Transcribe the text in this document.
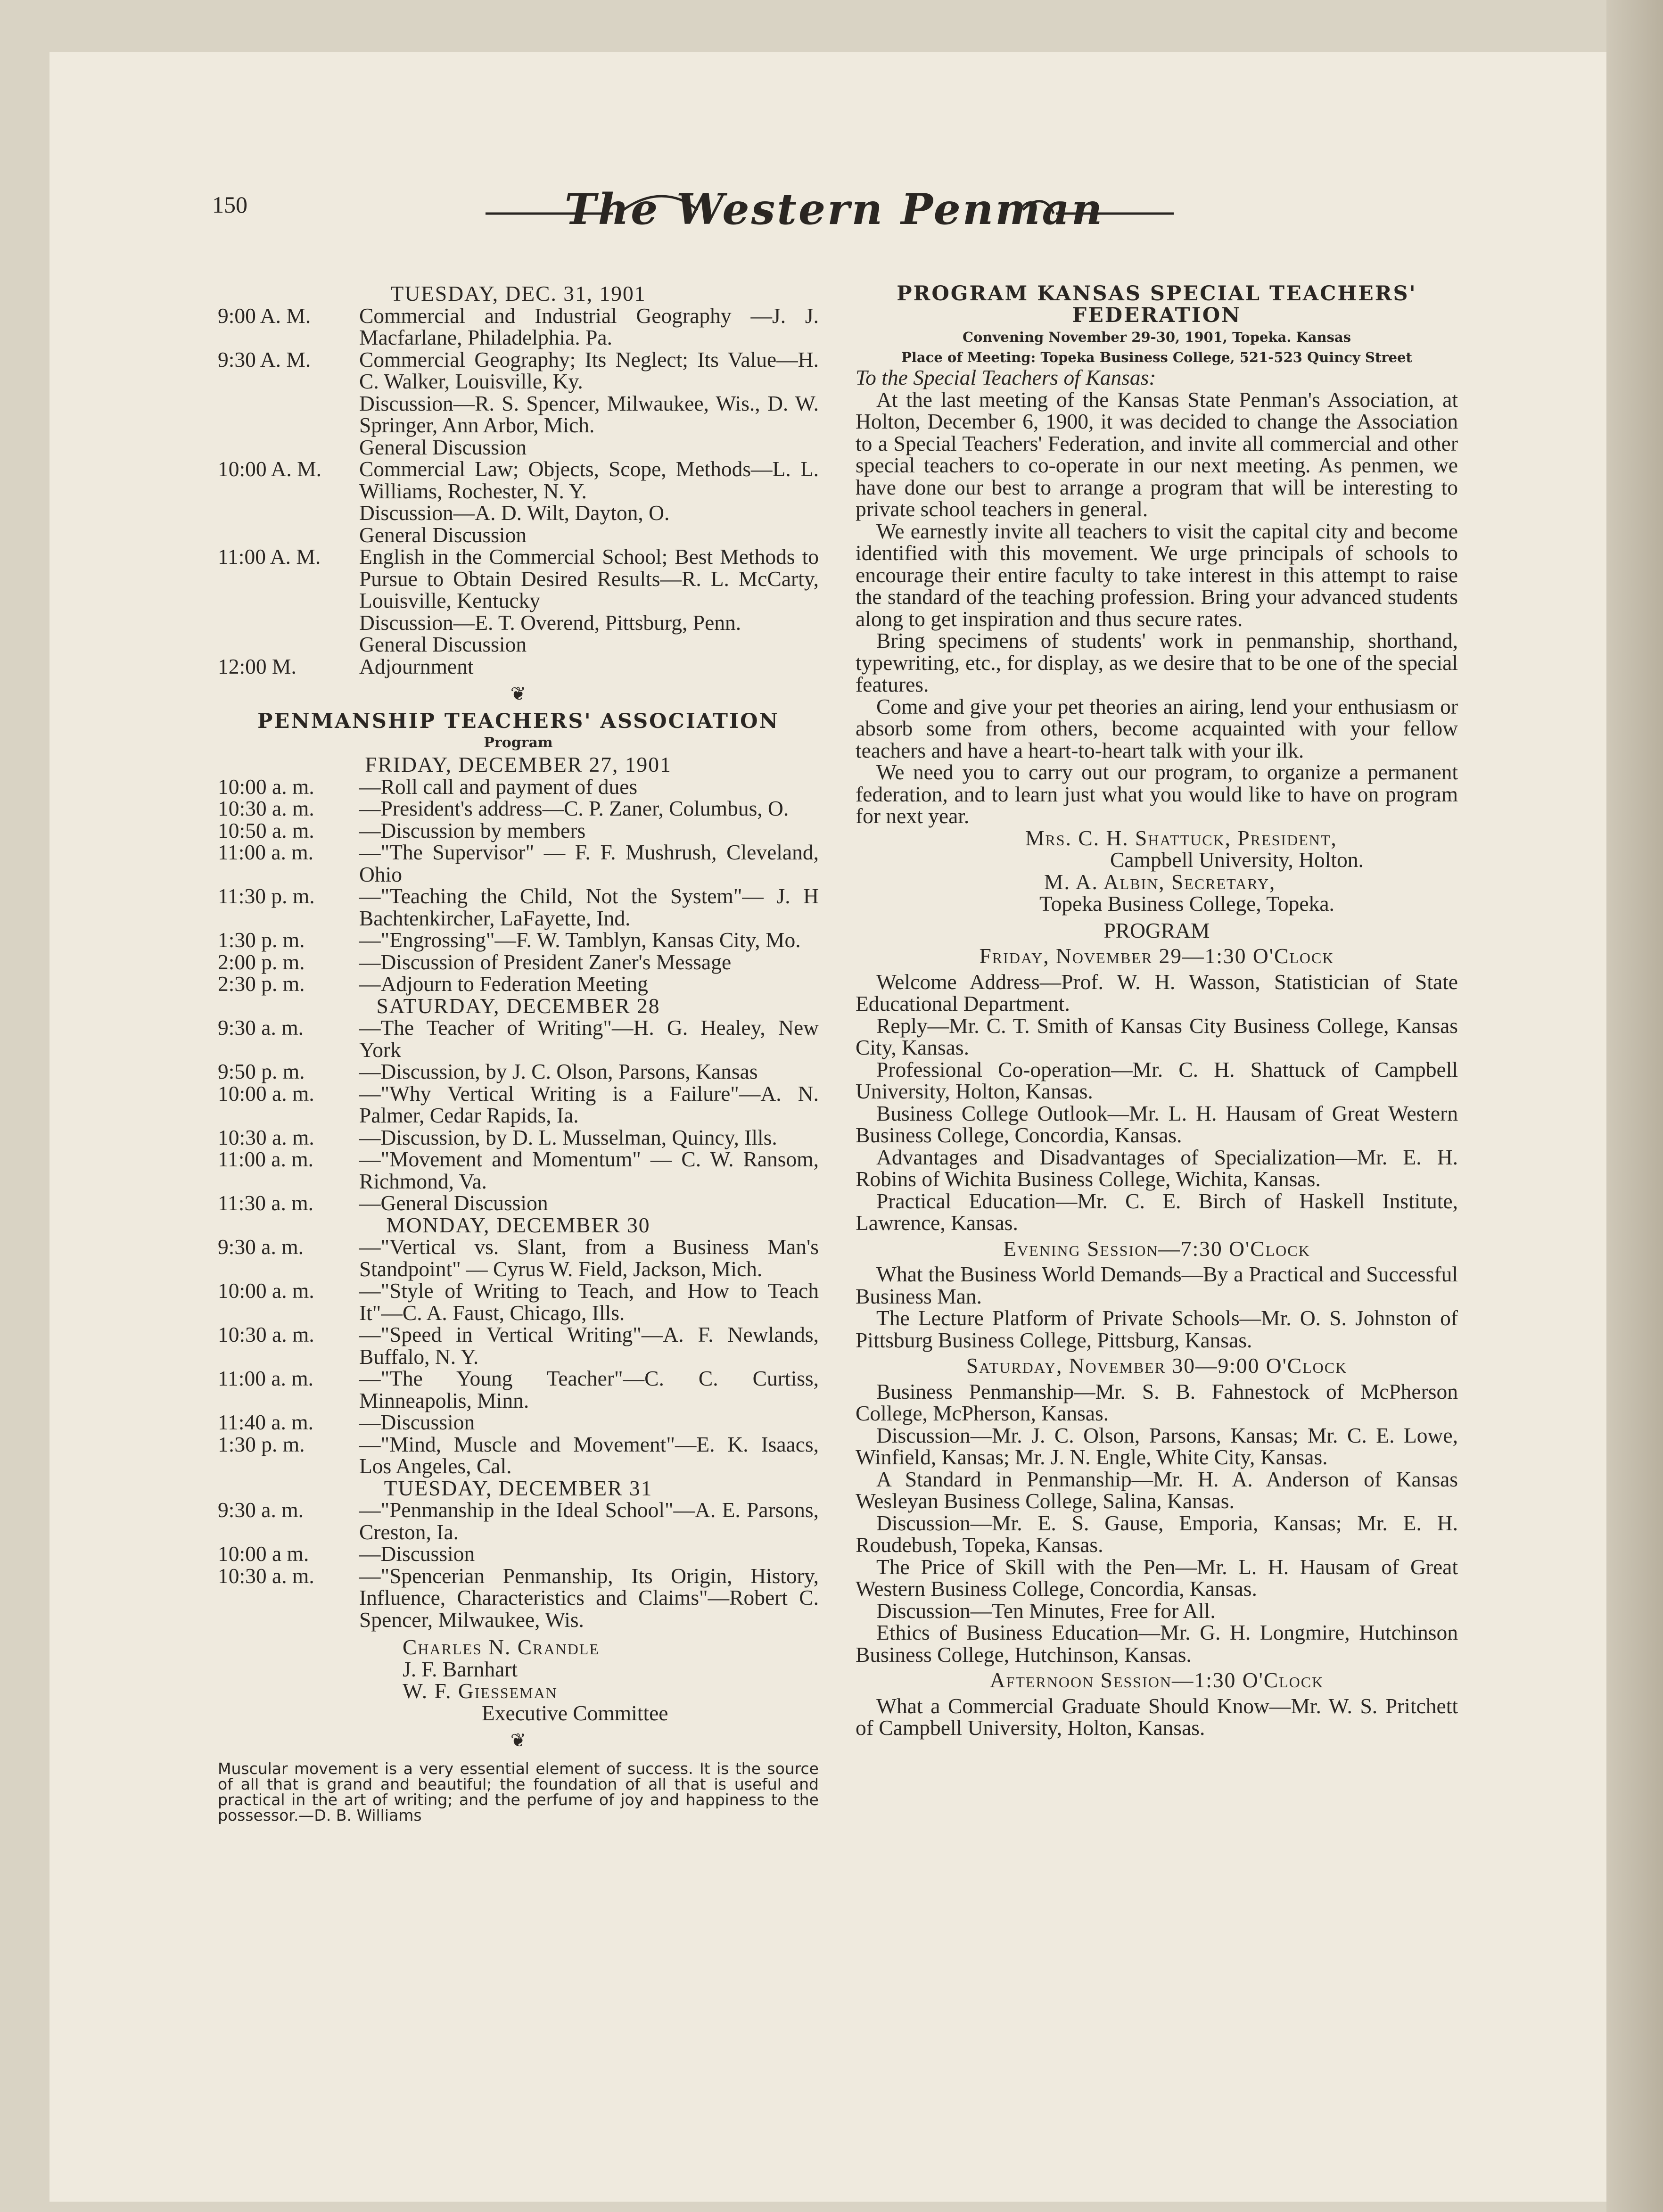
150	The Western Penman
TUESDAY, DEC. 31, 1901
9:00 A. M.	Commercial and Industrial Geography —J. J. Macfarlane, Philadelphia. Pa.
9:30 A. M.	Commercial Geography; Its Neglect; Its Value—H. C. Walker, Louisville, Ky.
Discussion—R. S. Spencer, Milwaukee, Wis., D. W. Springer, Ann Arbor, Mich.
General Discussion
10:00 A. M.	Commercial Law; Objects, Scope, Methods—L. L. Williams, Rochester, N. Y.
Discussion—A. D. Wilt, Dayton, O.
General Discussion
11:00 A. M.	English in the Commercial School; Best Methods to Pursue to Obtain Desired Results—R. L. McCarty, Louisville, Kentucky
Discussion—E. T. Overend, Pittsburg, Penn.
General Discussion
12:00 M.	Adjournment
❦
PENMANSHIP TEACHERS' ASSOCIATION
Program
FRIDAY, DECEMBER 27, 1901
10:00 a. m.	—Roll call and payment of dues
10:30 a. m.	—President's address—C. P. Zaner, Columbus, O.
10:50 a. m.	—Discussion by members
11:00 a. m.	—"The Supervisor" — F. F. Mushrush, Cleveland, Ohio
11:30 p. m.	—"Teaching the Child, Not the System"— J. H Bachtenkircher, LaFayette, Ind.
1:30 p. m.	—"Engrossing"—F. W. Tamblyn, Kansas City, Mo.
2:00 p. m.	—Discussion of President Zaner's Message
2:30 p. m.	—Adjourn to Federation Meeting
SATURDAY, DECEMBER 28
9:30 a. m.	—The Teacher of Writing"—H. G. Healey, New York
9:50 p. m.	—Discussion, by J. C. Olson, Parsons, Kansas
10:00 a. m.	—"Why Vertical Writing is a Failure"—A. N. Palmer, Cedar Rapids, Ia.
10:30 a. m.	—Discussion, by D. L. Musselman, Quincy, Ills.
11:00 a. m.	—"Movement and Momentum" — C. W. Ransom, Richmond, Va.
11:30 a. m.	—General Discussion
MONDAY, DECEMBER 30
9:30 a. m.	—"Vertical vs. Slant, from a Business Man's Standpoint" — Cyrus W. Field, Jackson, Mich.
10:00 a. m.	—"Style of Writing to Teach, and How to Teach It"—C. A. Faust, Chicago, Ills.
10:30 a. m.	—"Speed in Vertical Writing"—A. F. Newlands, Buffalo, N. Y.
11:00 a. m.	—"The Young Teacher"—C. C. Curtiss, Minneapolis, Minn.
11:40 a. m.	—Discussion
1:30 p. m.	—"Mind, Muscle and Movement"—E. K. Isaacs, Los Angeles, Cal.
TUESDAY, DECEMBER 31
9:30 a. m.	—"Penmanship in the Ideal School"—A. E. Parsons, Creston, Ia.
10:00 a m.	—Discussion
10:30 a. m.	—"Spencerian Penmanship, Its Origin, History, Influence, Characteristics and Claims"—Robert C. Spencer, Milwaukee, Wis.
Charles N. Crandle
J. F. Barnhart
W. F. Giesseman
Executive Committee
❦
Muscular movement is a very essential element of success. It is the source of all that is grand and beautiful; the foundation of all that is useful and practical in the art of writing; and the perfume of joy and happiness to the possessor.—D. B. Williams
PROGRAM KANSAS SPECIAL TEACHERS' FEDERATION
Convening November 29-30, 1901, Topeka. Kansas
Place of Meeting: Topeka Business College, 521-523 Quincy Street

To the Special Teachers of Kansas:

At the last meeting of the Kansas State Penman's Association, at Holton, December 6, 1900, it was decided to change the Association to a Special Teachers' Federation, and invite all commercial and other special teachers to co-operate in our next meeting. As penmen, we have done our best to arrange a program that will be interesting to private school teachers in general.

We earnestly invite all teachers to visit the capital city and become identified with this movement. We urge principals of schools to encourage their entire faculty to take interest in this attempt to raise the standard of the teaching profession. Bring your advanced students along to get inspiration and thus secure rates.

Bring specimens of students' work in penmanship, shorthand, typewriting, etc., for display, as we desire that to be one of the special features.

Come and give your pet theories an airing, lend your enthusiasm or absorb some from others, become acquainted with your fellow teachers and have a heart-to-heart talk with your ilk.

We need you to carry out our program, to organize a permanent federation, and to learn just what you would like to have on program for next year.

Mrs. C. H. Shattuck, President,
Campbell University, Holton.
M. A. Albin, Secretary,
Topeka Business College, Topeka.
PROGRAM
Friday, November 29—1:30 O'Clock

Welcome Address—Prof. W. H. Wasson, Statistician of State Educational Department.

Reply—Mr. C. T. Smith of Kansas City Business College, Kansas City, Kansas.

Professional Co-operation—Mr. C. H. Shattuck of Campbell University, Holton, Kansas.

Business College Outlook—Mr. L. H. Hausam of Great Western Business College, Concordia, Kansas.

Advantages and Disadvantages of Specialization—Mr. E. H. Robins of Wichita Business College, Wichita, Kansas.

Practical Education—Mr. C. E. Birch of Haskell Institute, Lawrence, Kansas.

Evening Session—7:30 O'Clock

What the Business World Demands—By a Practical and Successful Business Man.

The Lecture Platform of Private Schools—Mr. O. S. Johnston of Pittsburg Business College, Pittsburg, Kansas.

Saturday, November 30—9:00 O'Clock

Business Penmanship—Mr. S. B. Fahnestock of McPherson College, McPherson, Kansas.

Discussion—Mr. J. C. Olson, Parsons, Kansas; Mr. C. E. Lowe, Winfield, Kansas; Mr. J. N. Engle, White City, Kansas.

A Standard in Penmanship—Mr. H. A. Anderson of Kansas Wesleyan Business College, Salina, Kansas.

Discussion—Mr. E. S. Gause, Emporia, Kansas; Mr. E. H. Roudebush, Topeka, Kansas.

The Price of Skill with the Pen—Mr. L. H. Hausam of Great Western Business College, Concordia, Kansas.

Discussion—Ten Minutes, Free for All.

Ethics of Business Education—Mr. G. H. Longmire, Hutchinson Business College, Hutchinson, Kansas.

Afternoon Session—1:30 O'Clock

What a Commercial Graduate Should Know—Mr. W. S. Pritchett of Campbell University, Holton, Kansas.
